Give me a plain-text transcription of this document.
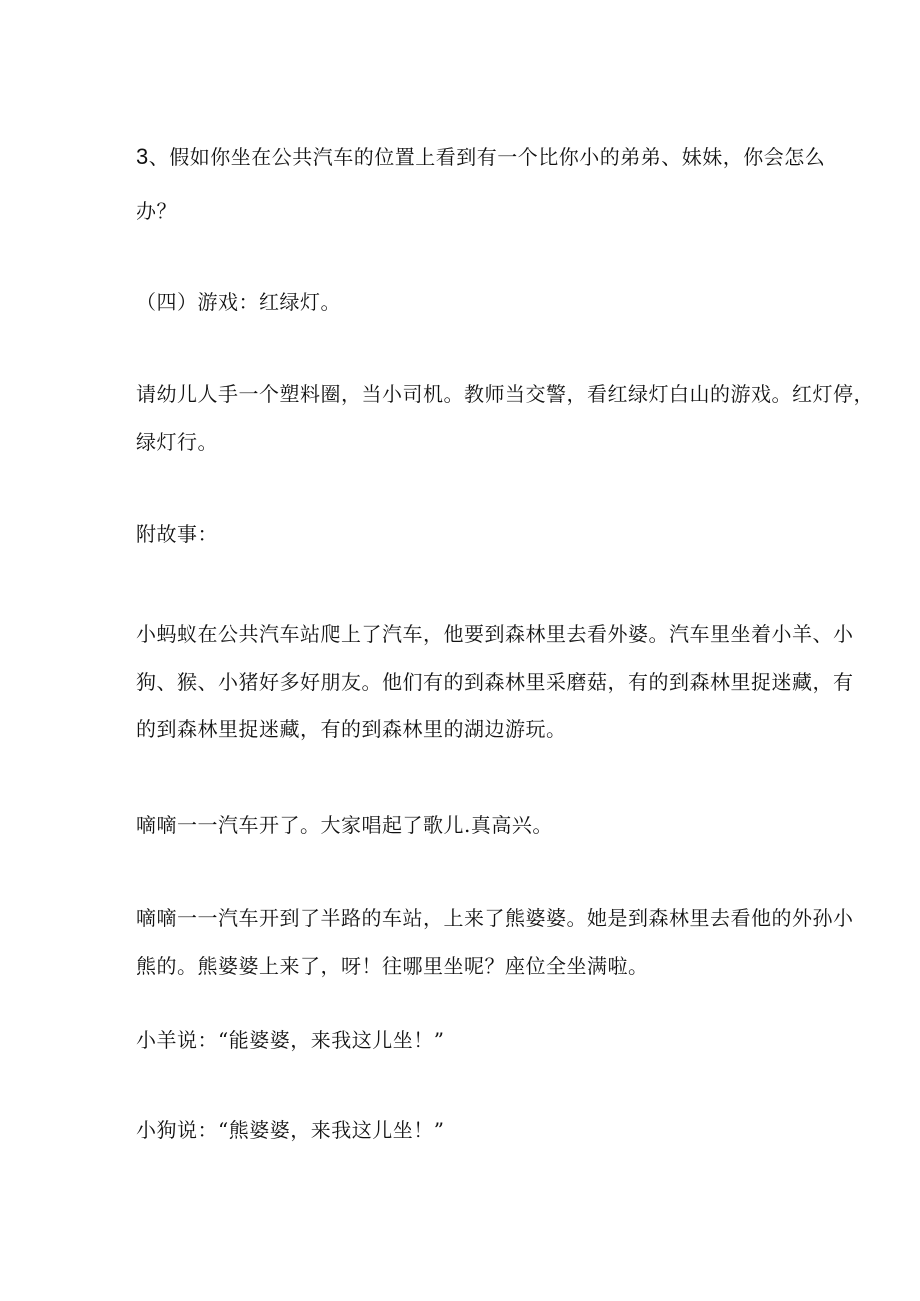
3、假如你坐在公共汽车的位置上看到有一个比你小的弟弟、妹妹，你会怎么
办？
（四）游戏：红绿灯。
请幼儿人手一个塑料圈，当小司机。教师当交警，看红绿灯白山的游戏。红灯停，
绿灯行。
附故事：
小蚂蚁在公共汽车站爬上了汽车，他要到森林里去看外婆。汽车里坐着小羊、小
狗、猴、小猪好多好朋友。他们有的到森林里采磨菇，有的到森林里捉迷藏，有
的到森林里捉迷藏，有的到森林里的湖边游玩。
嘀嘀一一汽车开了。大家唱起了歌儿.真高兴。
嘀嘀一一汽车开到了半路的车站，上来了熊婆婆。她是到森林里去看他的外孙小
熊的。熊婆婆上来了，呀！往哪里坐呢？座位全坐满啦。
小羊说：“能婆婆，来我这儿坐！”
小狗说：“熊婆婆，来我这儿坐！”
